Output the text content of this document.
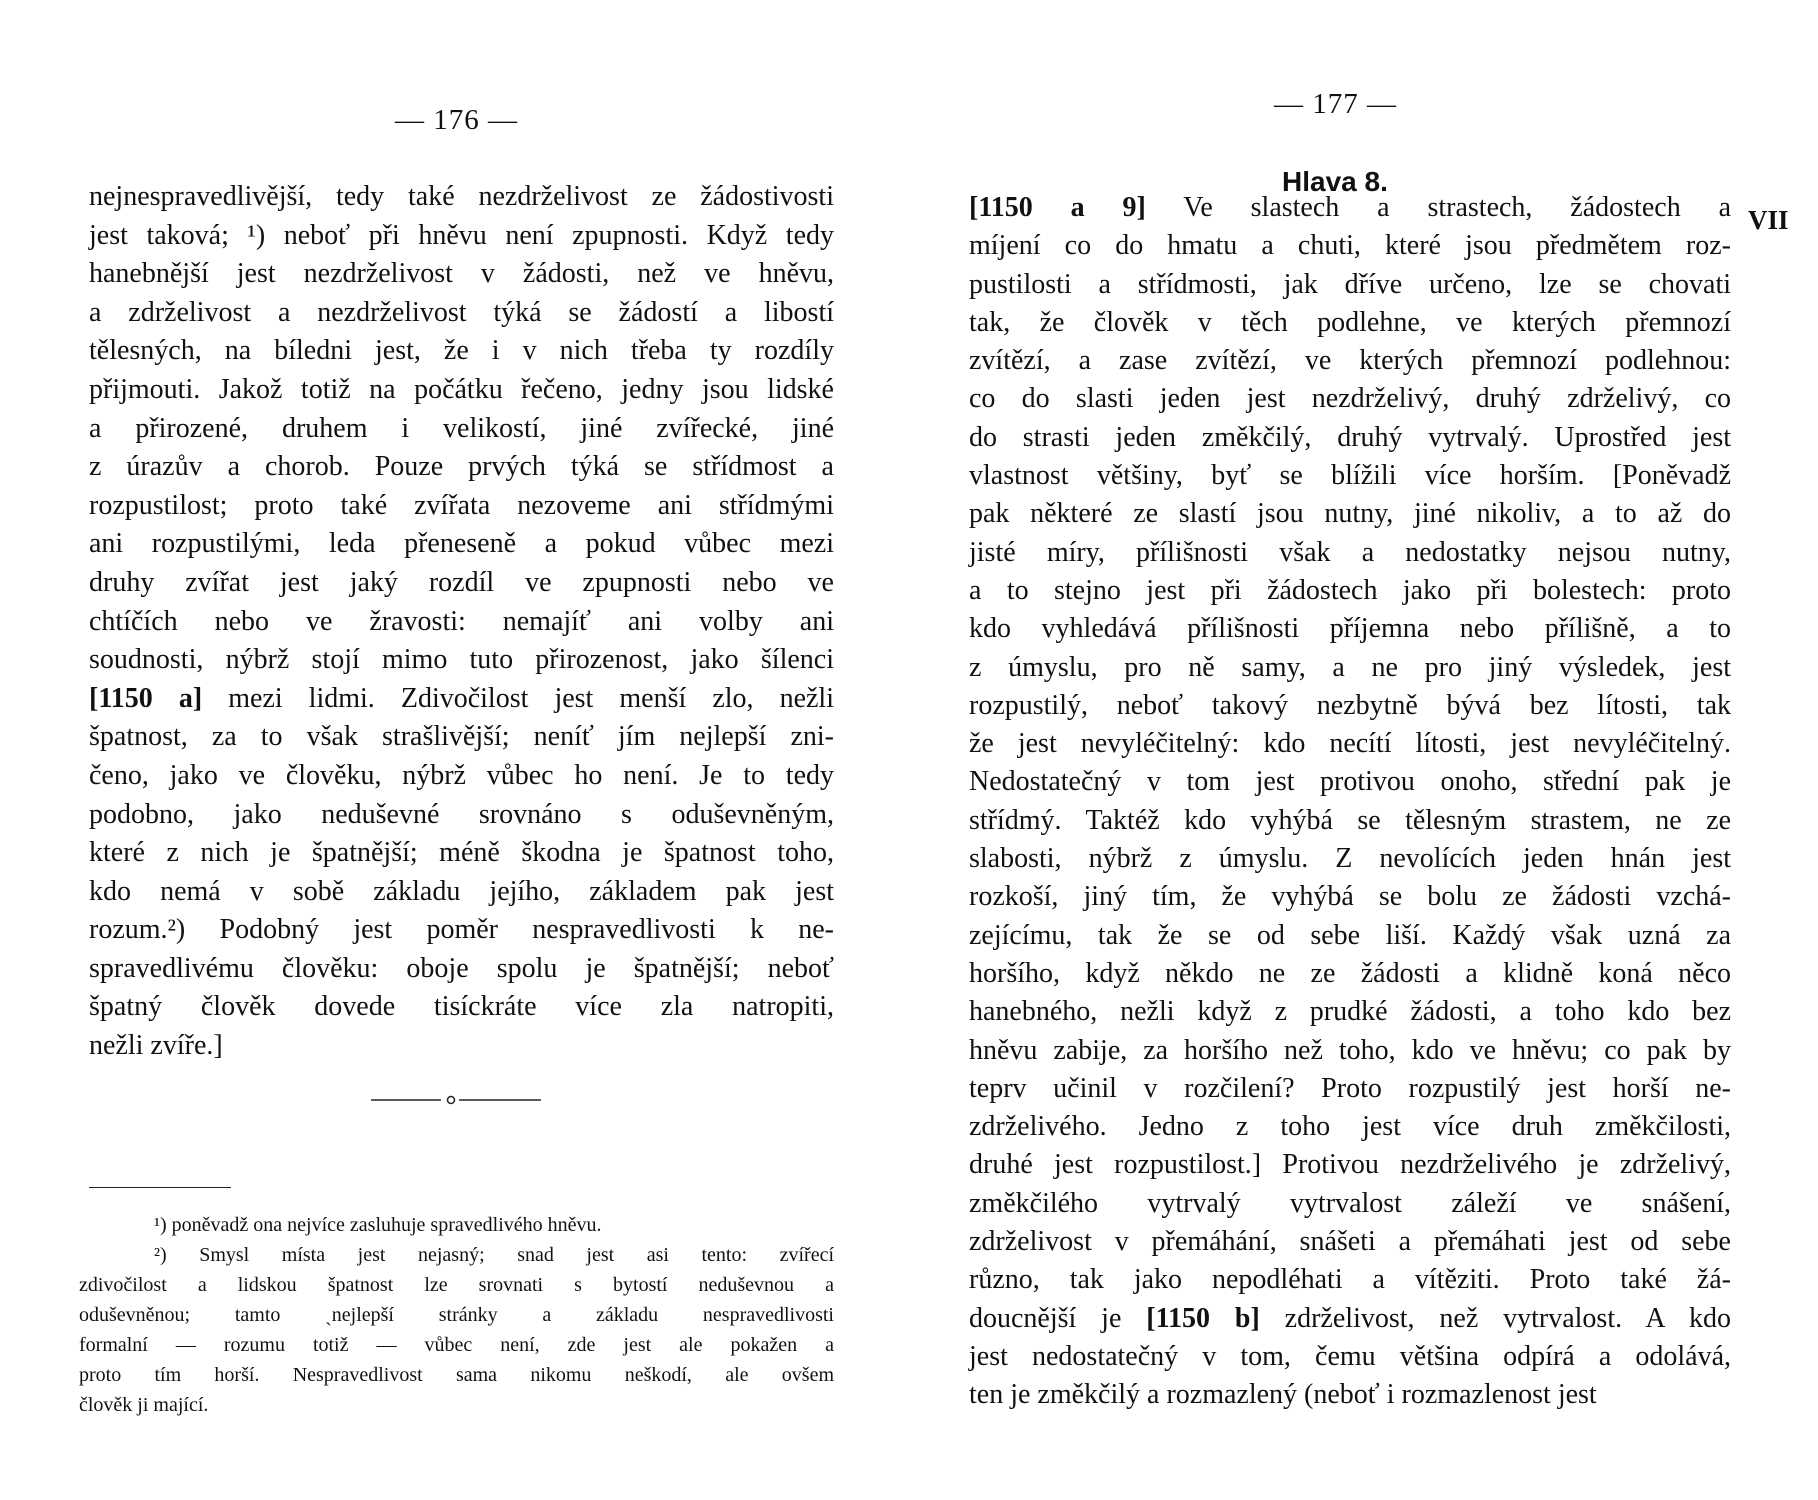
— 176 —
nejnespravedlivější, tedy také nezdrželivost ze žádostivosti
jest taková; ¹) neboť při hněvu není zpupnosti. Když tedy
hanebnější jest nezdrželivost v žádosti, než ve hněvu,
a zdrželivost a nezdrželivost týká se žádostí a libostí
tělesných, na bíledni jest, že i v nich třeba ty rozdíly
přijmouti. Jakož totiž na počátku řečeno, jedny jsou lidské
a přirozené, druhem i velikostí, jiné zvířecké, jiné
z úrazův a chorob. Pouze prvých týká se střídmost a
rozpustilost; proto také zvířata nezoveme ani střídmými
ani rozpustilými, leda přeneseně a pokud vůbec mezi
druhy zvířat jest jaký rozdíl ve zpupnosti nebo ve
chtíčích nebo ve žravosti: nemajíť ani volby ani
soudnosti, nýbrž stojí mimo tuto přirozenost, jako šílenci
[1150 a] mezi lidmi. Zdivočilost jest menší zlo, nežli
špatnost, za to však strašlivější; neníť jím nejlepší zni-
čeno, jako ve člověku, nýbrž vůbec ho není. Je to tedy
podobno, jako neduševné srovnáno s oduševněným,
které z nich je špatnější; méně škodna je špatnost toho,
kdo nemá v sobě základu jejího, základem pak jest
rozum.²) Podobný jest poměr nespravedlivosti k ne-
spravedlivému člověku: oboje spolu je špatnější; neboť
špatný člověk dovede tisíckráte více zla natropiti,
nežli zvíře.]
¹) poněvadž ona nejvíce zasluhuje spravedlivého hněvu.
²) Smysl místa jest nejasný; snad jest asi tento: zvířecí
zdivočilost a lidskou špatnost lze srovnati s bytostí neduševnou a
oduševněnou; tamto ˎnejlepší stránky a základu nespravedlivosti
formalní — rozumu totiž — vůbec není, zde jest ale pokažen a
proto tím horší. Nespravedlivost sama nikomu neškodí, ale ovšem
člověk ji mající.
— 177 —
Hlava 8.
VII
[1150 a 9] Ve slastech a strastech, žádostech a
míjení co do hmatu a chuti, které jsou předmětem roz-
pustilosti a střídmosti, jak dříve určeno, lze se chovati
tak, že člověk v těch podlehne, ve kterých přemnozí
zvítězí, a zase zvítězí, ve kterých přemnozí podlehnou:
co do slasti jeden jest nezdrželivý, druhý zdrželivý, co
do strasti jeden změkčilý, druhý vytrvalý. Uprostřed jest
vlastnost většiny, byť se blížili více horším. [Poněvadž
pak některé ze slastí jsou nutny, jiné nikoliv, a to až do
jisté míry, přílišnosti však a nedostatky nejsou nutny,
a to stejno jest při žádostech jako při bolestech: proto
kdo vyhledává přílišnosti příjemna nebo přílišně, a to
z úmyslu, pro ně samy, a ne pro jiný výsledek, jest
rozpustilý, neboť takový nezbytně bývá bez lítosti, tak
že jest nevyléčitelný: kdo necítí lítosti, jest nevyléčitelný.
Nedostatečný v tom jest protivou onoho, střední pak je
střídmý. Taktéž kdo vyhýbá se tělesným strastem, ne ze
slabosti, nýbrž z úmyslu. Z nevolících jeden hnán jest
rozkoší, jiný tím, že vyhýbá se bolu ze žádosti vzchá-
zejícímu, tak že se od sebe liší. Každý však uzná za
horšího, když někdo ne ze žádosti a klidně koná něco
hanebného, nežli když z prudké žádosti, a toho kdo bez
hněvu zabije, za horšího než toho, kdo ve hněvu; co pak by
teprv učinil v rozčilení? Proto rozpustilý jest horší ne-
zdrželivého. Jedno z toho jest více druh změkčilosti,
druhé jest rozpustilost.] Protivou nezdrželivého je zdrželivý,
změkčilého vytrvalý vytrvalost záleží ve snášení,
zdrželivost v přemáhání, snášeti a přemáhati jest od sebe
různo, tak jako nepodléhati a vítěziti. Proto také žá-
doucnější je [1150 b] zdrželivost, než vytrvalost. A kdo
jest nedostatečný v tom, čemu většina odpírá a odolává,
ten je změkčilý a rozmazlený (neboť i rozmazlenost jest
